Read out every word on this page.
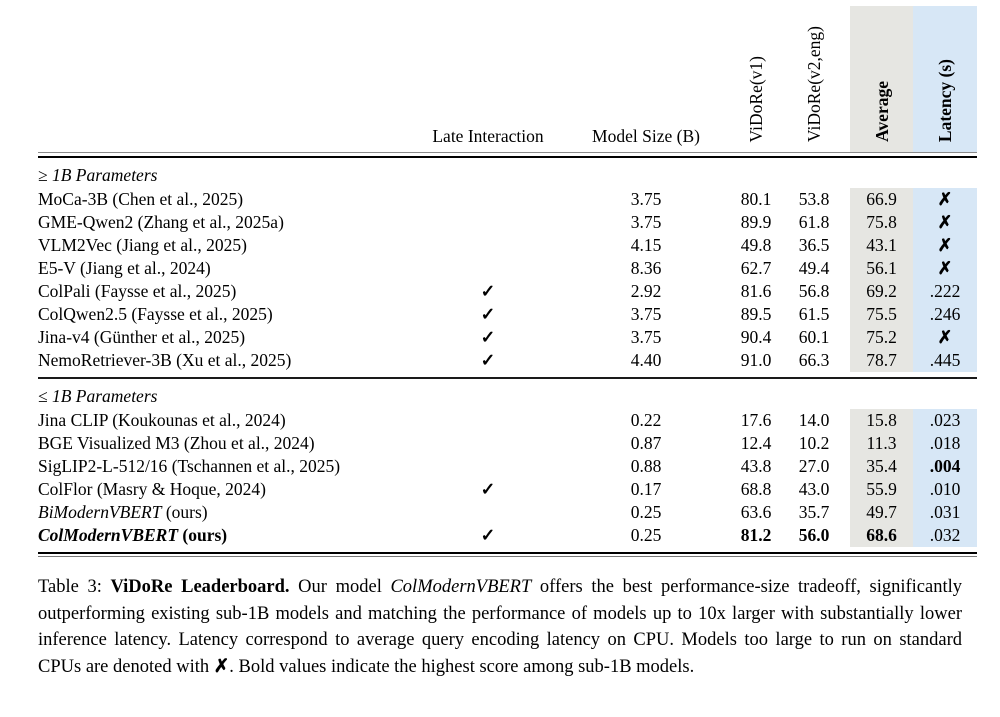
	Late Interaction	Model Size (B)	ViDoRe(v1)	ViDoRe(v2,eng)	Average	Latency (s)

≥ 1B Parameters						
MoCa-3B (Chen et al., 2025)		3.75	80.1	53.8	66.9	✗
GME-Qwen2 (Zhang et al., 2025a)		3.75	89.9	61.8	75.8	✗
VLM2Vec (Jiang et al., 2025)		4.15	49.8	36.5	43.1	✗
E5-V (Jiang et al., 2024)		8.36	62.7	49.4	56.1	✗
ColPali (Faysse et al., 2025)	✓	2.92	81.6	56.8	69.2	.222
ColQwen2.5 (Faysse et al., 2025)	✓	3.75	89.5	61.5	75.5	.246
Jina-v4 (Günther et al., 2025)	✓	3.75	90.4	60.1	75.2	✗
NemoRetriever-3B (Xu et al., 2025)	✓	4.40	91.0	66.3	78.7	.445

≤ 1B Parameters						
Jina CLIP (Koukounas et al., 2024)		0.22	17.6	14.0	15.8	.023
BGE Visualized M3 (Zhou et al., 2024)		0.87	12.4	10.2	11.3	.018
SigLIP2-L-512/16 (Tschannen et al., 2025)		0.88	43.8	27.0	35.4	.004
ColFlor (Masry & Hoque, 2024)	✓	0.17	68.8	43.0	55.9	.010
BiModernVBERT (ours)		0.25	63.6	35.7	49.7	.031
ColModernVBERT (ours)	✓	0.25	81.2	56.0	68.6	.032

Table 3: ViDoRe Leaderboard. Our model ColModernVBERT offers the best performance-size tradeoff, significantly outperforming existing sub-1B models and matching the performance of models up to 10x larger with substantially lower inference latency. Latency correspond to average query encoding latency on CPU. Models too large to run on standard CPUs are denoted with ✗. Bold values indicate the highest score among sub-1B models.
